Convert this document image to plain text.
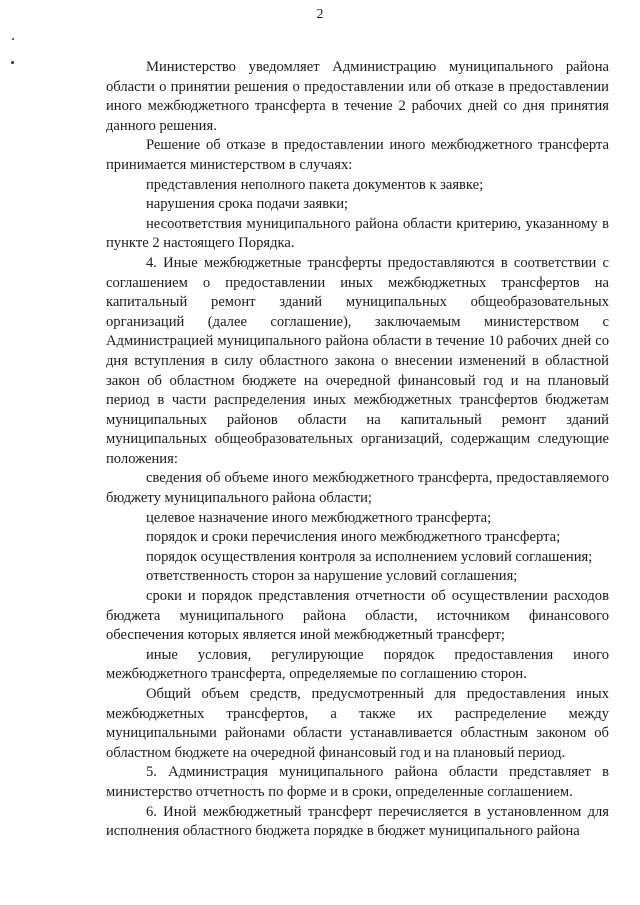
2

Министерство уведомляет Администрацию муниципального района области о принятии решения о предоставлении или об отказе в предоставлении иного межбюджетного трансферта в течение 2 рабочих дней со дня принятия данного решения.

Решение об отказе в предоставлении иного межбюджетного трансферта принимается министерством в случаях:

представления неполного пакета документов к заявке;

нарушения срока подачи заявки;

несоответствия муниципального района области критерию, указанному в пункте 2 настоящего Порядка.

4. Иные межбюджетные трансферты предоставляются в соответствии с соглашением о предоставлении иных межбюджетных трансфертов на капитальный ремонт зданий муниципальных общеобразовательных организаций (далее соглашение), заключаемым министерством с Администрацией муниципального района области в течение 10 рабочих дней со дня вступления в силу областного закона о внесении изменений в областной закон об областном бюджете на очередной финансовый год и на плановый период в части распределения иных межбюджетных трансфертов бюджетам муниципальных районов области на капитальный ремонт зданий муниципальных общеобразовательных организаций, содержащим следующие положения:

сведения об объеме иного межбюджетного трансферта, предоставляемого бюджету муниципального района области;

целевое назначение иного межбюджетного трансферта;

порядок и сроки перечисления иного межбюджетного трансферта;

порядок осуществления контроля за исполнением условий соглашения;

ответственность сторон за нарушение условий соглашения;

сроки и порядок представления отчетности об осуществлении расходов бюджета муниципального района области, источником финансового обеспечения которых является иной межбюджетный трансферт;

иные условия, регулирующие порядок предоставления иного межбюджетного трансферта, определяемые по соглашению сторон.

Общий объем средств, предусмотренный для предоставления иных межбюджетных трансфертов, а также их распределение между муниципальными районами области устанавливается областным законом об областном бюджете на очередной финансовый год и на плановый период.

5. Администрация муниципального района области представляет в министерство отчетность по форме и в сроки, определенные соглашением.

6. Иной межбюджетный трансферт перечисляется в установленном для исполнения областного бюджета порядке в бюджет муниципального района
